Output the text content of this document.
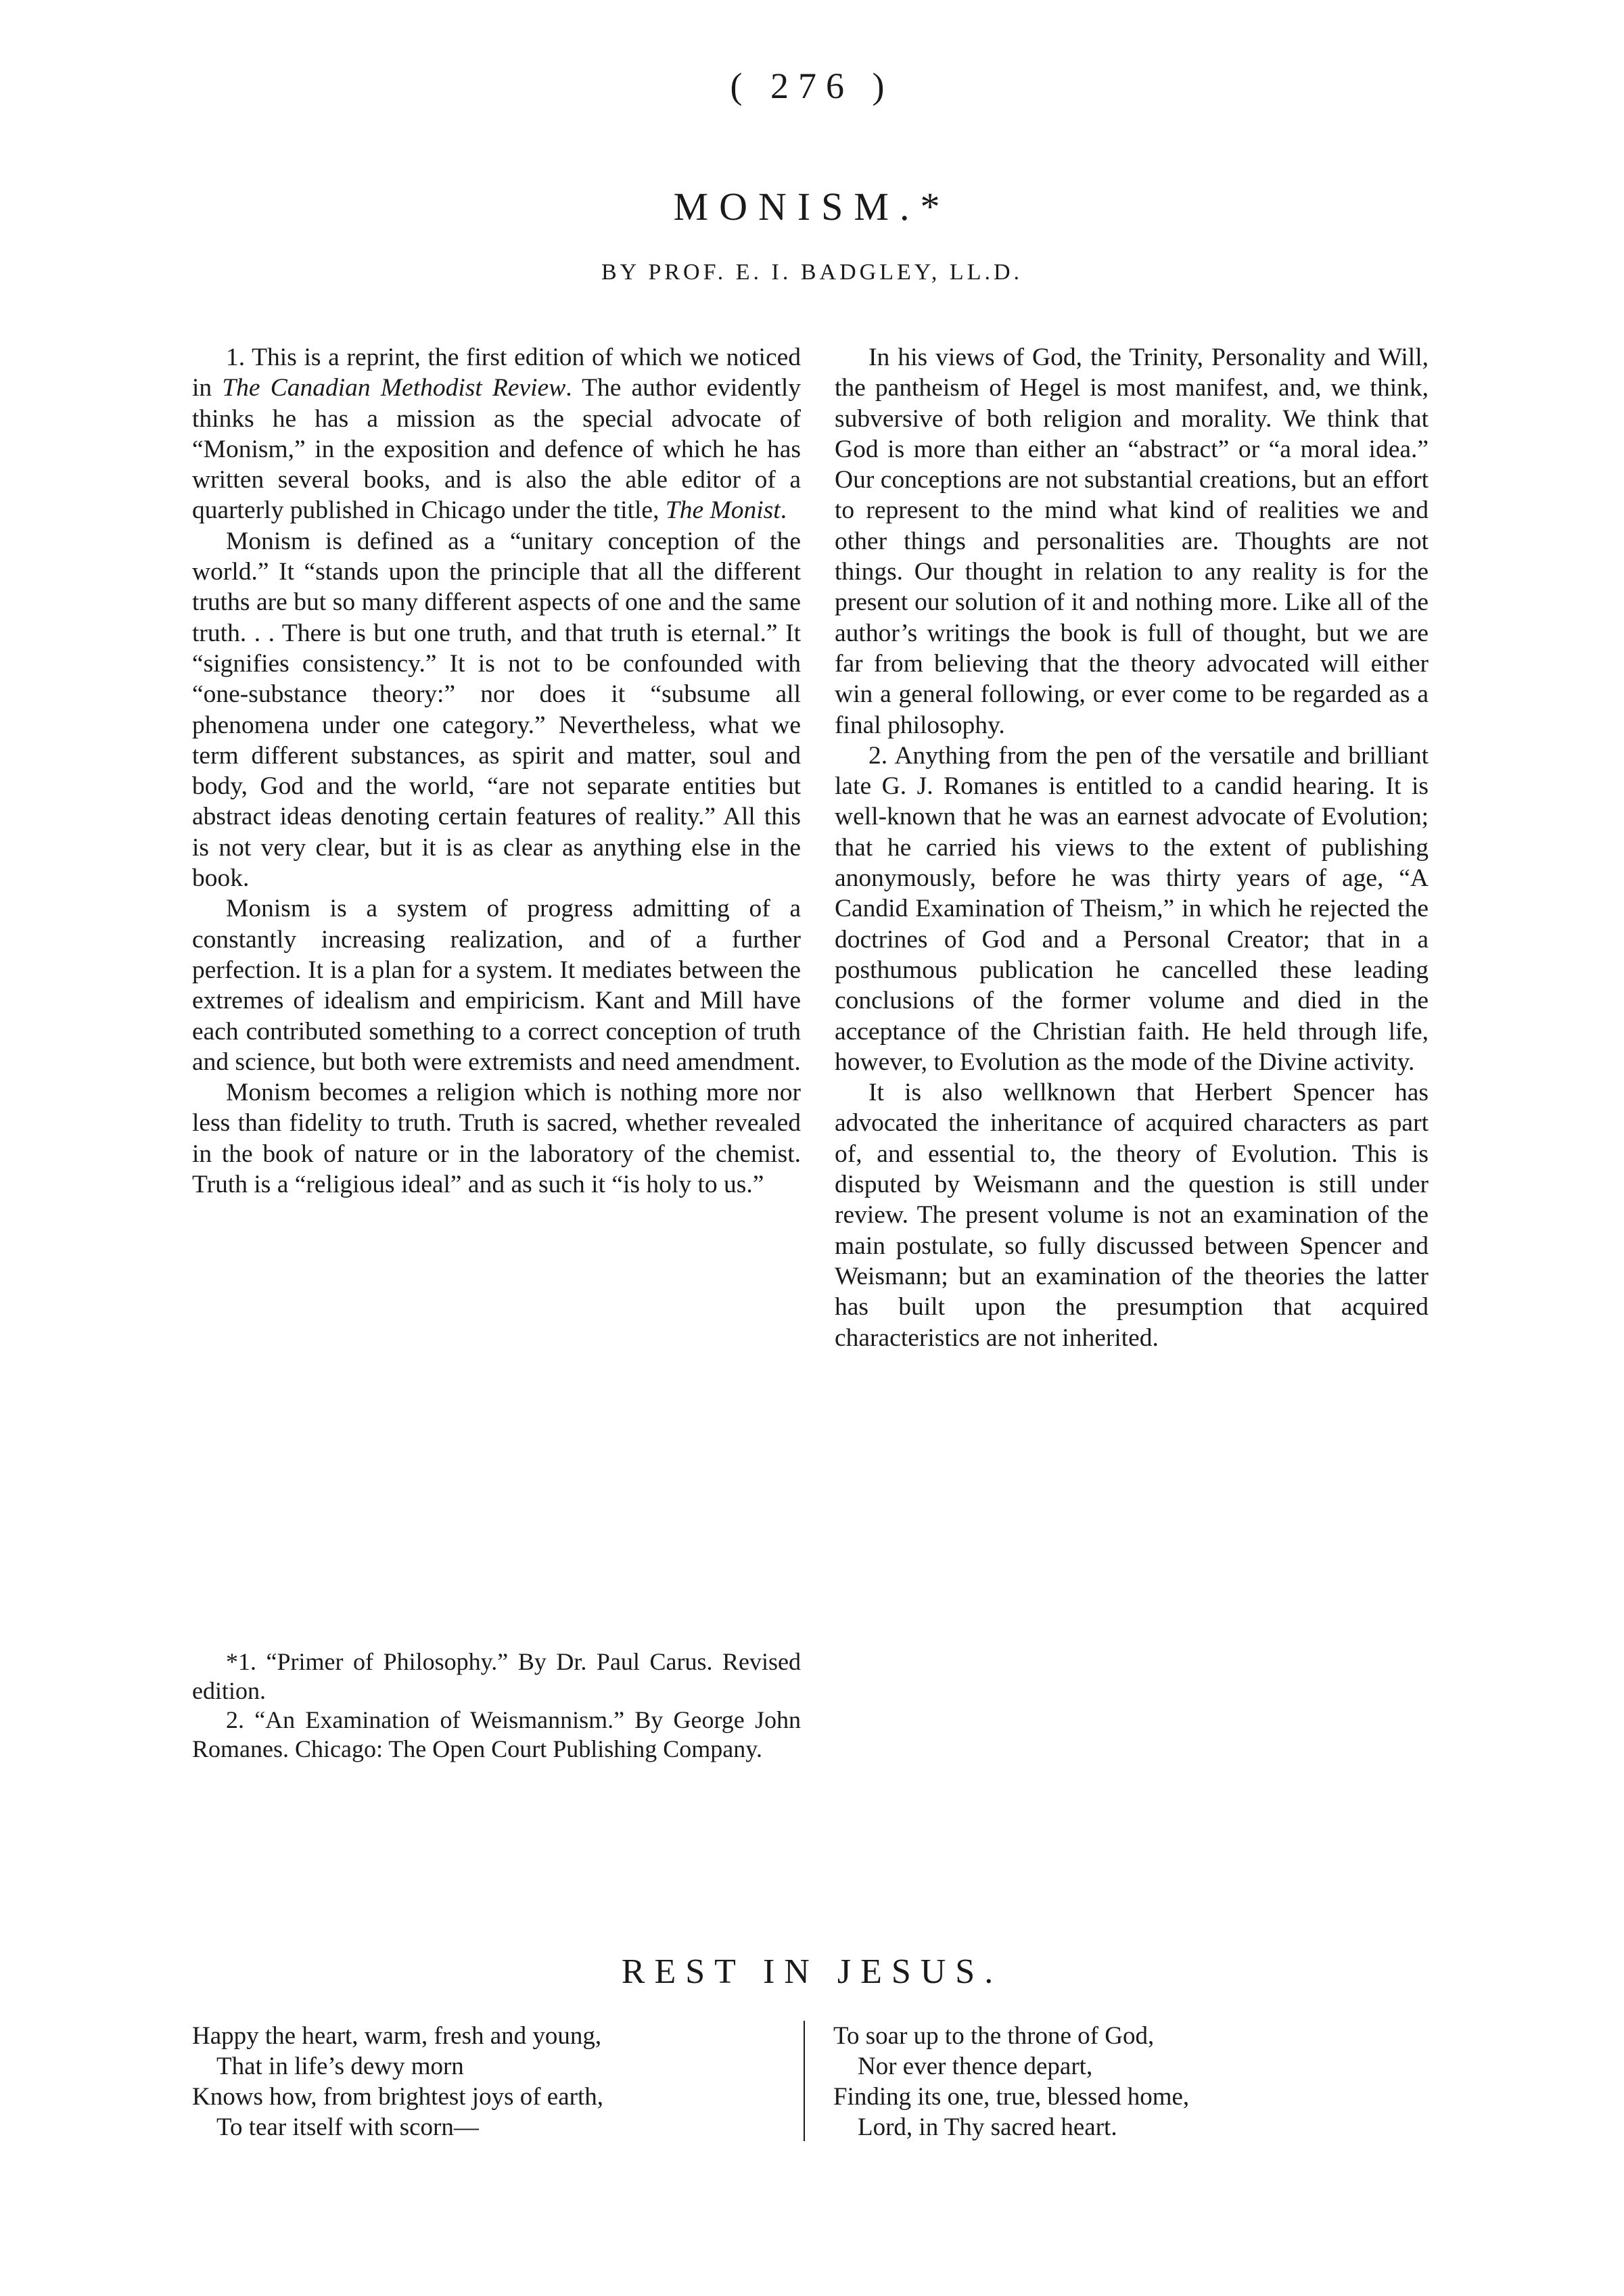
( 276 )
MONISM.*
BY PROF. E. I. BADGLEY, LL.D.

1. This is a reprint, the first edition of which we noticed in The Canadian Methodist Review. The author evidently thinks he has a mission as the special advocate of “Monism,” in the exposition and defence of which he has written several books, and is also the able editor of a quarterly published in Chicago under the title, The Monist.

Monism is defined as a “unitary conception of the world.” It “stands upon the principle that all the different truths are but so many different aspects of one and the same truth. . . There is but one truth, and that truth is eternal.” It “signifies consistency.” It is not to be confounded with “one-substance theory:” nor does it “subsume all phenomena under one category.” Nevertheless, what we term different substances, as spirit and matter, soul and body, God and the world, “are not separate entities but abstract ideas denoting certain features of reality.” All this is not very clear, but it is as clear as anything else in the book.

Monism is a system of progress admitting of a constantly increasing realization, and of a further perfection. It is a plan for a system. It mediates between the extremes of idealism and empiricism. Kant and Mill have each contributed something to a correct conception of truth and science, but both were extremists and need amendment.

Monism becomes a religion which is nothing more nor less than fidelity to truth. Truth is sacred, whether revealed in the book of nature or in the laboratory of the chemist. Truth is a “religious ideal” and as such it “is holy to us.”

In his views of God, the Trinity, Personality and Will, the pantheism of Hegel is most manifest, and, we think, subversive of both religion and morality. We think that God is more than either an “abstract” or “a moral idea.” Our conceptions are not substantial creations, but an effort to represent to the mind what kind of realities we and other things and personalities are. Thoughts are not things. Our thought in relation to any reality is for the present our solution of it and nothing more. Like all of the author’s writings the book is full of thought, but we are far from believing that the theory advocated will either win a general following, or ever come to be regarded as a final philosophy.

2. Anything from the pen of the versatile and brilliant late G. J. Romanes is entitled to a candid hearing. It is well-known that he was an earnest advocate of Evolution; that he carried his views to the extent of publishing anonymously, before he was thirty years of age, “A Candid Examination of Theism,” in which he rejected the doctrines of God and a Personal Creator; that in a posthumous publication he cancelled these leading conclusions of the former volume and died in the acceptance of the Christian faith. He held through life, however, to Evolution as the mode of the Divine activity.

It is also wellknown that Herbert Spencer has advocated the inheritance of acquired characters as part of, and essential to, the theory of Evolution. This is disputed by Weismann and the question is still under review. The present volume is not an examination of the main postulate, so fully discussed between Spencer and Weismann; but an examination of the theories the latter has built upon the presumption that acquired characteristics are not inherited.

*1. “Primer of Philosophy.” By Dr. Paul Carus. Revised edition.

2. “An Examination of Weismannism.” By George John Romanes. Chicago: The Open Court Publishing Company.

REST IN JESUS.
Happy the heart, warm, fresh and young,
That in life’s dewy morn
Knows how, from brightest joys of earth,
To tear itself with scorn—
To soar up to the throne of God,
Nor ever thence depart,
Finding its one, true, blessed home,
Lord, in Thy sacred heart.
